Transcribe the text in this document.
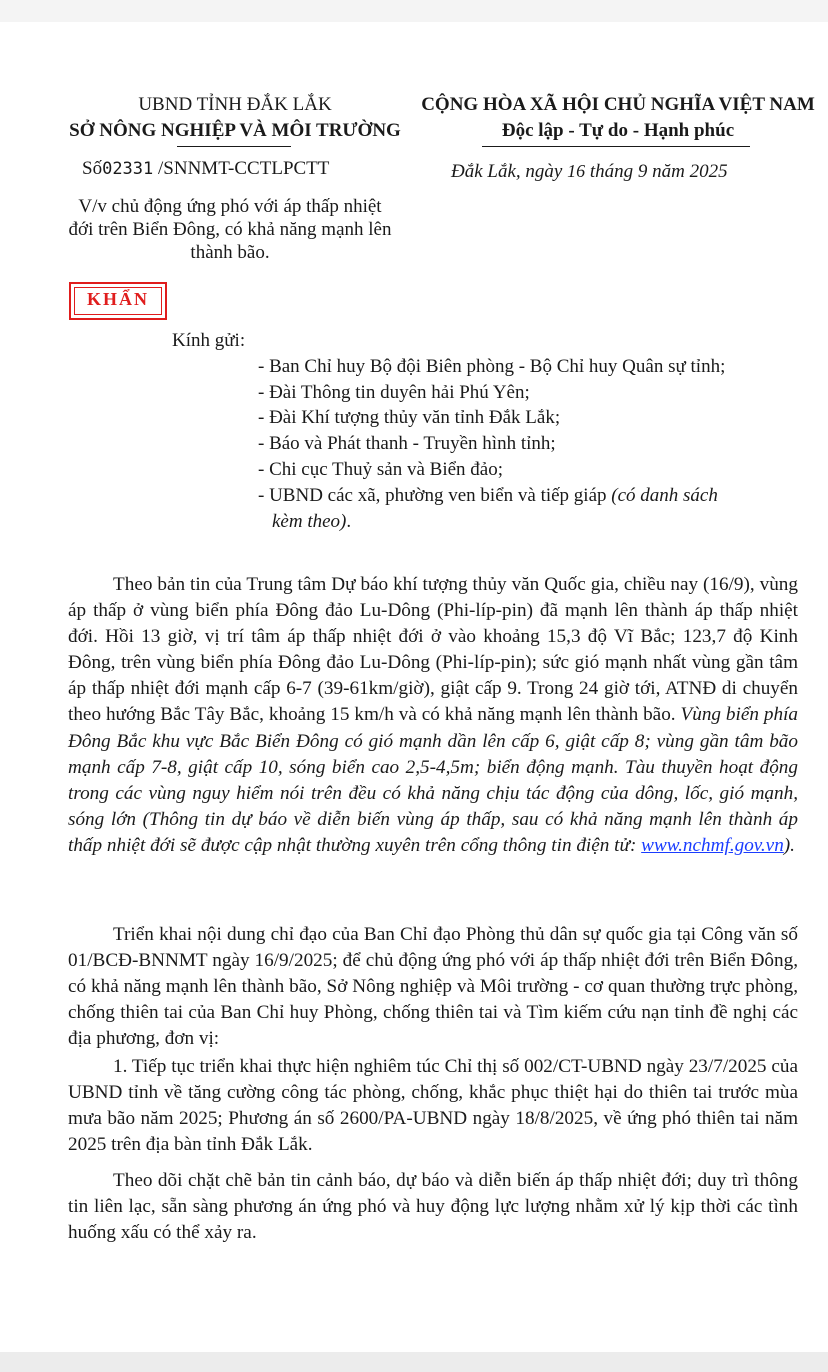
UBND TỈNH ĐẮK LẮK
SỞ NÔNG NGHIỆP VÀ MÔI TRƯỜNG
Số02331 /SNNMT-CCTLPCTT
CỘNG HÒA XÃ HỘI CHỦ NGHĨA VIỆT NAM
Độc lập - Tự do - Hạnh phúc
Đắk Lắk, ngày 16 tháng 9 năm 2025
V/v chủ động ứng phó với áp thấp nhiệt
đới trên Biển Đông, có khả năng mạnh lên
thành bão.
KHẨN
Kính gửi:
- Ban Chỉ huy Bộ đội Biên phòng - Bộ Chỉ huy Quân sự tỉnh;
- Đài Thông tin duyên hải Phú Yên;
- Đài Khí tượng thủy văn tỉnh Đắk Lắk;
- Báo và Phát thanh - Truyền hình tỉnh;
- Chi cục Thuỷ sản và Biển đảo;
- UBND các xã, phường ven biển và tiếp giáp (có danh sách
kèm theo).
Theo bản tin của Trung tâm Dự báo khí tượng thủy văn Quốc gia, chiều nay (16/9), vùng áp thấp ở vùng biển phía Đông đảo Lu-Dông (Phi-líp-pin) đã mạnh lên thành áp thấp nhiệt đới. Hồi 13 giờ, vị trí tâm áp thấp nhiệt đới ở vào khoảng 15,3 độ Vĩ Bắc; 123,7 độ Kinh Đông, trên vùng biển phía Đông đảo Lu-Dông (Phi-líp-pin); sức gió mạnh nhất vùng gần tâm áp thấp nhiệt đới mạnh cấp 6-7 (39-61km/giờ), giật cấp 9. Trong 24 giờ tới, ATNĐ di chuyển theo hướng Bắc Tây Bắc, khoảng 15 km/h và có khả năng mạnh lên thành bão. Vùng biển phía Đông Bắc khu vực Bắc Biển Đông có gió mạnh dần lên cấp 6, giật cấp 8; vùng gần tâm bão mạnh cấp 7-8, giật cấp 10, sóng biển cao 2,5-4,5m; biển động mạnh. Tàu thuyền hoạt động trong các vùng nguy hiểm nói trên đều có khả năng chịu tác động của dông, lốc, gió mạnh, sóng lớn (Thông tin dự báo về diễn biến vùng áp thấp, sau có khả năng mạnh lên thành áp thấp nhiệt đới sẽ được cập nhật thường xuyên trên cổng thông tin điện tử: www.nchmf.gov.vn).
Triển khai nội dung chỉ đạo của Ban Chỉ đạo Phòng thủ dân sự quốc gia tại Công văn số 01/BCĐ-BNNMT ngày 16/9/2025; để chủ động ứng phó với áp thấp nhiệt đới trên Biển Đông, có khả năng mạnh lên thành bão, Sở Nông nghiệp và Môi trường - cơ quan thường trực phòng, chống thiên tai của Ban Chỉ huy Phòng, chống thiên tai và Tìm kiếm cứu nạn tỉnh đề nghị các địa phương, đơn vị:
1. Tiếp tục triển khai thực hiện nghiêm túc Chỉ thị số 002/CT-UBND ngày 23/7/2025 của UBND tỉnh về tăng cường công tác phòng, chống, khắc phục thiệt hại do thiên tai trước mùa mưa bão năm 2025; Phương án số 2600/PA-UBND ngày 18/8/2025, về ứng phó thiên tai năm 2025 trên địa bàn tỉnh Đắk Lắk.
Theo dõi chặt chẽ bản tin cảnh báo, dự báo và diễn biến áp thấp nhiệt đới; duy trì thông tin liên lạc, sẵn sàng phương án ứng phó và huy động lực lượng nhằm xử lý kịp thời các tình huống xấu có thể xảy ra.
